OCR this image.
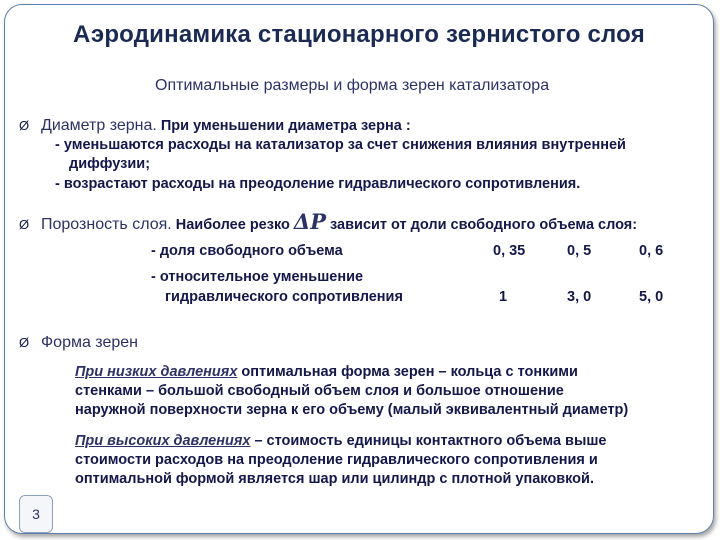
Аэродинамика стационарного зернистого слоя
Оптимальные размеры и форма зерен катализатора
Ø Диаметр зерна. При уменьшении диаметра зерна :
- уменьшаются расходы на катализатор за счет снижения влияния внутренней
диффузии;
- возрастают расходы на преодоление гидравлического сопротивления.
Ø Порозность слоя. Наиболее резко ΔP зависит от доли свободного объема слоя:
- доля свободного объема	0, 35	0, 5	0, 6
- относительное уменьшение
гидравлического сопротивления	1	3, 0	5, 0
Ø Форма зерен
При низких давлениях оптимальная форма зерен – кольца с тонкими
стенками – большой свободный объем слоя и большое отношение
наружной поверхности зерна к его объему (малый эквивалентный диаметр)
При высоких давлениях – стоимость единицы контактного объема выше
стоимости расходов на преодоление гидравлического сопротивления и
оптимальной формой является шар или цилиндр с плотной упаковкой.
3
